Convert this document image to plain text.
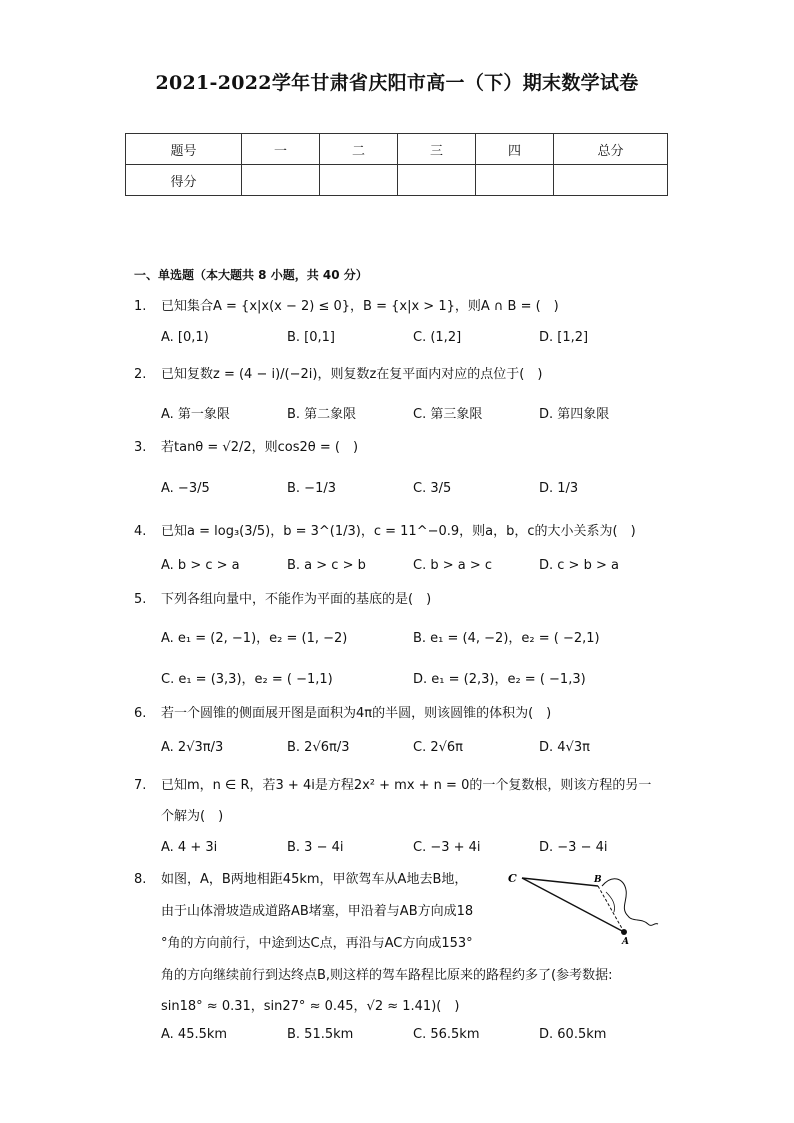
2021-2022学年甘肃省庆阳市高一（下）期末数学试卷
题号	一	二	三	四	总分
得分					
一、单选题（本大题共 8 小题，共 40 分）
1. 已知集合A = {x|x(x − 2) ≤ 0}，B = {x|x > 1}，则A ∩ B = (　)
A. [0,1)	B. [0,1]	C. (1,2]	D. [1,2]
2. 已知复数z = (4 − i)/(−2i)，则复数z在复平面内对应的点位于(　)
A. 第一象限	B. 第二象限	C. 第三象限	D. 第四象限
3. 若tanθ = √2/2，则cos2θ = (　)
A. −3/5	B. −1/3	C. 3/5	D. 1/3
4. 已知a = log₃(3/5)，b = 3^(1/3)，c = 11^−0.9，则a，b，c的大小关系为(　)
A. b > c > a	B. a > c > b	C. b > a > c	D. c > b > a
5. 下列各组向量中，不能作为平面的基底的是(　)
A. e₁ = (2, −1)，e₂ = (1, −2)	B. e₁ = (4, −2)，e₂ = ( −2,1)
C. e₁ = (3,3)，e₂ = ( −1,1)	D. e₁ = (2,3)，e₂ = ( −1,3)
6. 若一个圆锥的侧面展开图是面积为4π的半圆，则该圆锥的体积为(　)
A. 2√3π/3	B. 2√6π/3	C. 2√6π	D. 4√3π
7. 已知m，n ∈ R，若3 + 4i是方程2x² + mx + n = 0的一个复数根，则该方程的另一
个解为(　)
A. 4 + 3i	B. 3 − 4i	C. −3 + 4i	D. −3 − 4i
8.	如图，A，B两地相距45km，甲欲驾车从A地去B地，
由于山体滑坡造成道路AB堵塞，甲沿着与AB方向成18
°角的方向前行，中途到达C点，再沿与AC方向成153°
角的方向继续前行到达终点B,则这样的驾车路程比原来的路程约多了(参考数据:
sin18° ≈ 0.31，sin27° ≈ 0.45，√2 ≈ 1.41)(　)
A. 45.5km	B. 51.5km	C. 56.5km	D. 60.5km
C	B
A
